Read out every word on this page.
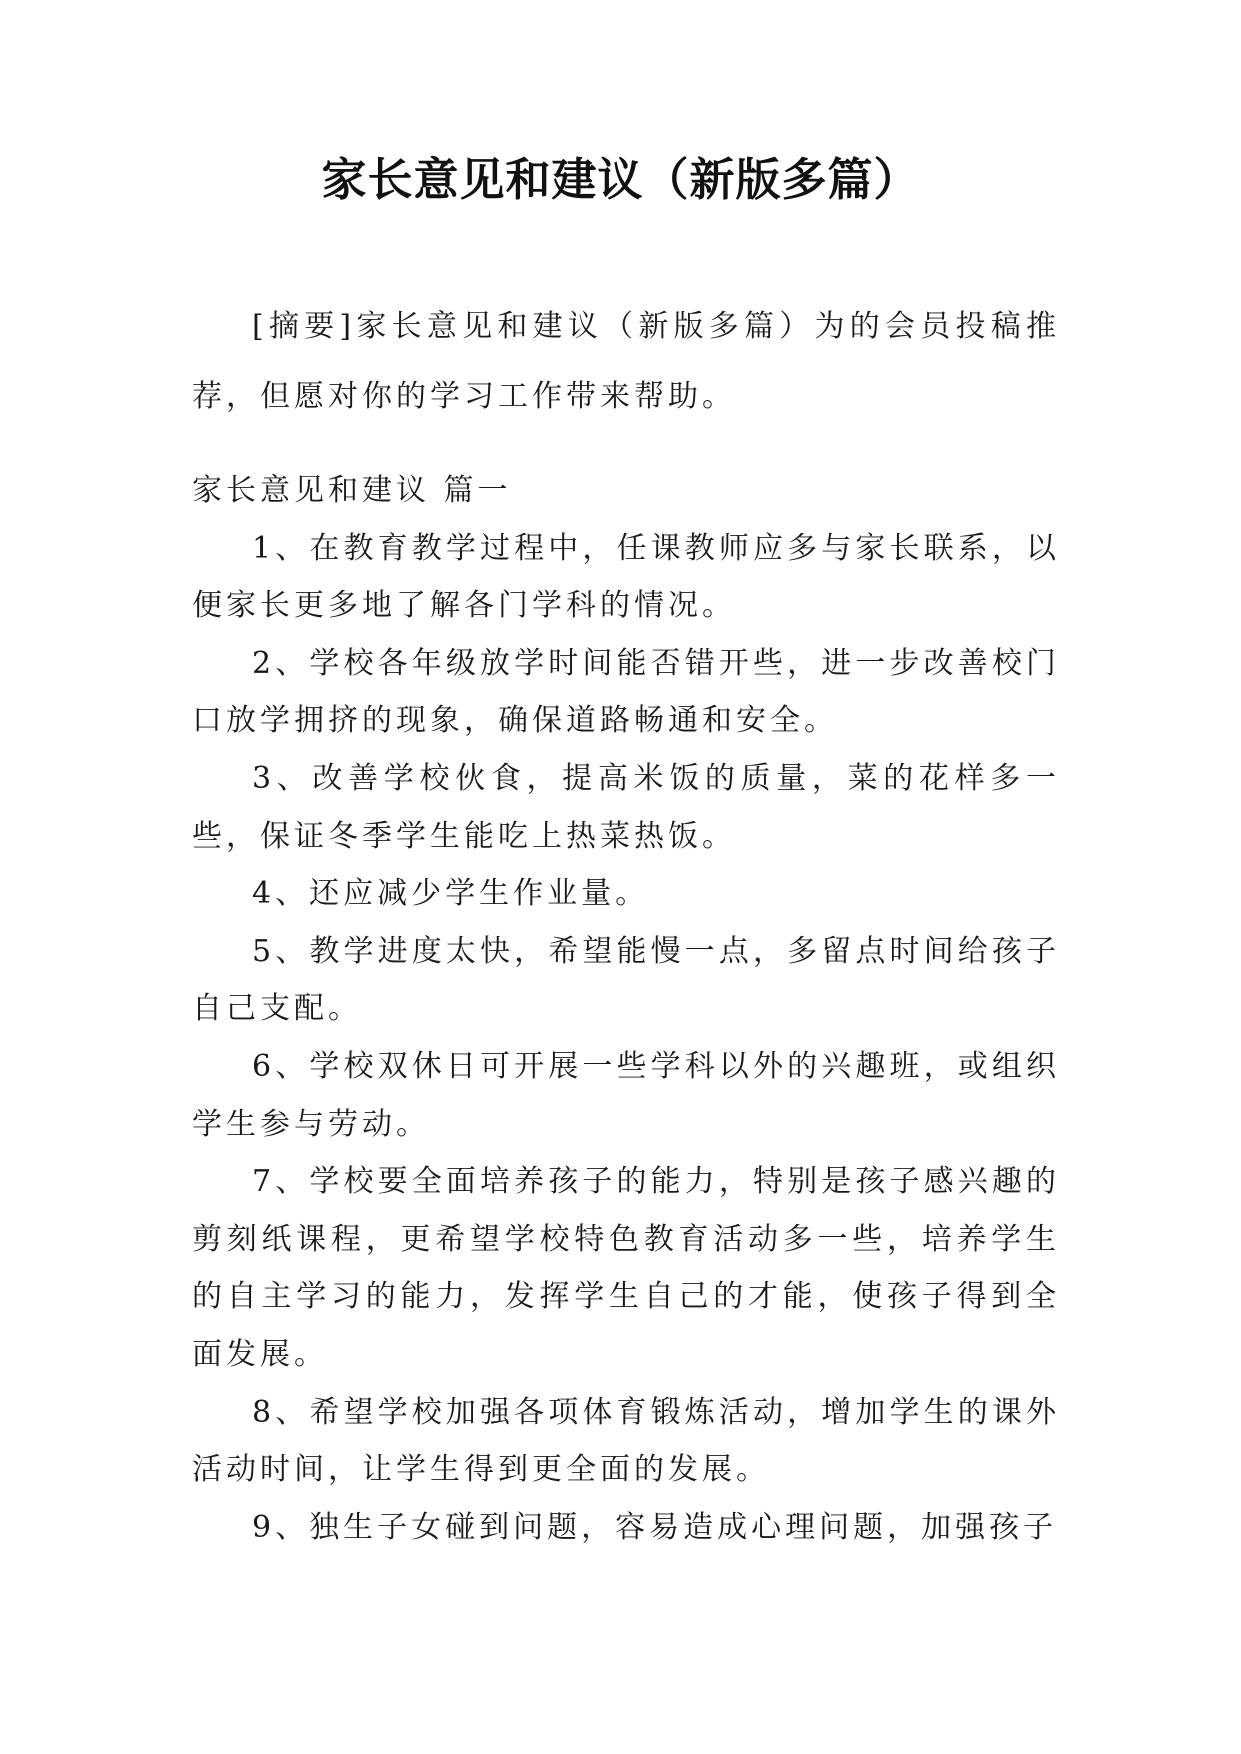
家长意见和建议（新版多篇）

[摘要]家长意见和建议（新版多篇）为的会员投稿推荐，但愿对你的学习工作带来帮助。

家长意见和建议 篇一

1、在教育教学过程中，任课教师应多与家长联系，以便家长更多地了解各门学科的情况。

2、学校各年级放学时间能否错开些，进一步改善校门口放学拥挤的现象，确保道路畅通和安全。

3、改善学校伙食，提高米饭的质量，菜的花样多一些，保证冬季学生能吃上热菜热饭。

4、还应减少学生作业量。

5、教学进度太快，希望能慢一点，多留点时间给孩子自己支配。

6、学校双休日可开展一些学科以外的兴趣班，或组织学生参与劳动。

7、学校要全面培养孩子的能力，特别是孩子感兴趣的剪刻纸课程，更希望学校特色教育活动多一些，培养学生的自主学习的能力，发挥学生自己的才能，使孩子得到全面发展。

8、希望学校加强各项体育锻炼活动，增加学生的课外活动时间，让学生得到更全面的发展。

9、独生子女碰到问题，容易造成心理问题，加强孩子
